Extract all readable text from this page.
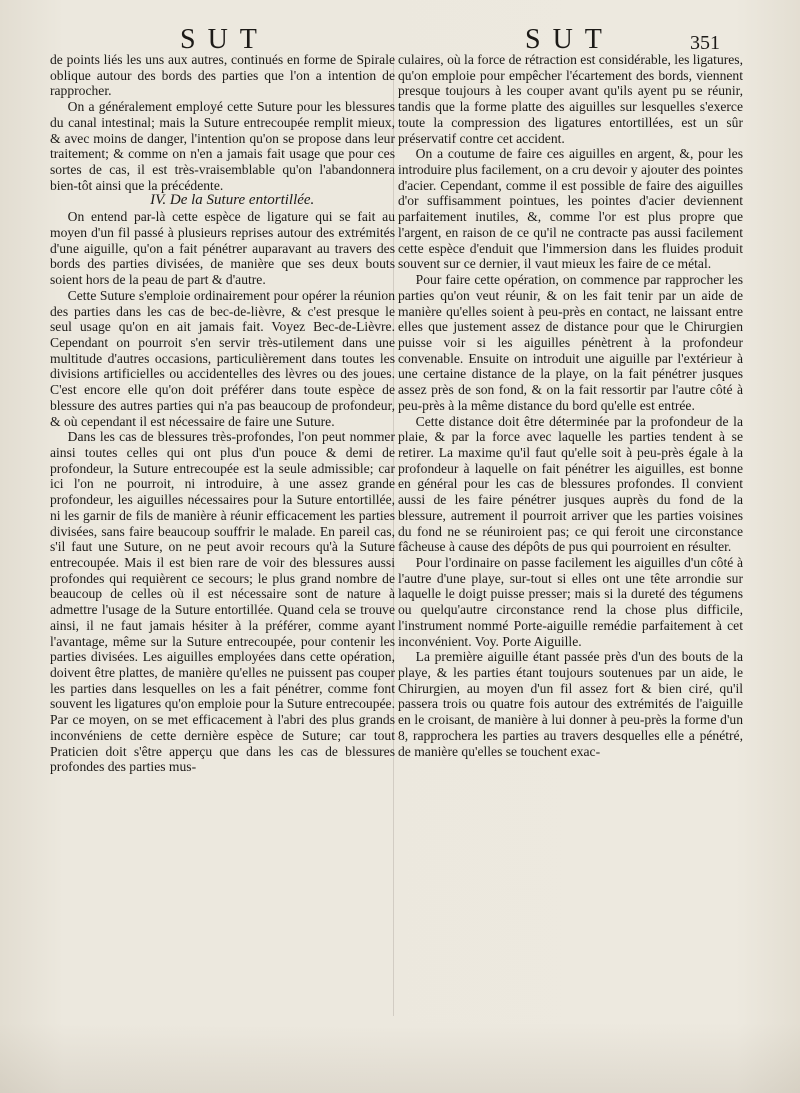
SUT	SUT	351

de points liés les uns aux autres, continués en forme de Spirale oblique autour des bords des parties que l'on a intention de rapprocher.

On a généralement employé cette Suture pour les blessures du canal intestinal; mais la Suture entrecoupée remplit mieux, & avec moins de danger, l'intention qu'on se propose dans leur traitement; & comme on n'en a jamais fait usage que pour ces sortes de cas, il est très-vraisemblable qu'on l'abandonnera bien-tôt ainsi que la précédente.

IV. De la Suture entortillée.

On entend par-là cette espèce de ligature qui se fait au moyen d'un fil passé à plusieurs reprises autour des extrémités d'une aiguille, qu'on a fait pénétrer auparavant au travers des bords des parties divisées, de manière que ses deux bouts soient hors de la peau de part & d'autre.

Cette Suture s'emploie ordinairement pour opérer la réunion des parties dans les cas de bec-de-lièvre, & c'est presque le seul usage qu'on en ait jamais fait. Voyez Bec-de-Lièvre. Cependant on pourroit s'en servir très-utilement dans une multitude d'autres occasions, particulièrement dans toutes les divisions artificielles ou accidentelles des lèvres ou des joues. C'est encore elle qu'on doit préférer dans toute espèce de blessure des autres parties qui n'a pas beaucoup de profondeur, & où cependant il est nécessaire de faire une Suture.

Dans les cas de blessures très-profondes, l'on peut nommer ainsi toutes celles qui ont plus d'un pouce & demi de profondeur, la Suture entrecoupée est la seule admissible; car ici l'on ne pourroit, ni introduire, à une assez grande profondeur, les aiguilles nécessaires pour la Suture entortillée, ni les garnir de fils de manière à réunir efficacement les parties divisées, sans faire beaucoup souffrir le malade. En pareil cas, s'il faut une Suture, on ne peut avoir recours qu'à la Suture entrecoupée. Mais il est bien rare de voir des blessures aussi profondes qui requièrent ce secours; le plus grand nombre de beaucoup de celles où il est nécessaire sont de nature à admettre l'usage de la Suture entortillée. Quand cela se trouve ainsi, il ne faut jamais hésiter à la préférer, comme ayant l'avantage, même sur la Suture entrecoupée, pour contenir les parties divisées. Les aiguilles employées dans cette opération, doivent être plattes, de manière qu'elles ne puissent pas couper les parties dans lesquelles on les a fait pénétrer, comme font souvent les ligatures qu'on emploie pour la Suture entrecoupée. Par ce moyen, on se met efficacement à l'abri des plus grands inconvéniens de cette dernière espèce de Suture; car tout Praticien doit s'être apperçu que dans les cas de blessures profondes des parties mus-

culaires, où la force de rétraction est considérable, les ligatures, qu'on emploie pour empêcher l'écartement des bords, viennent presque toujours à les couper avant qu'ils ayent pu se réunir, tandis que la forme platte des aiguilles sur lesquelles s'exerce toute la compression des ligatures entortillées, est un sûr préservatif contre cet accident.

On a coutume de faire ces aiguilles en argent, &, pour les introduire plus facilement, on a cru devoir y ajouter des pointes d'acier. Cependant, comme il est possible de faire des aiguilles d'or suffisamment pointues, les pointes d'acier deviennent parfaitement inutiles, &, comme l'or est plus propre que l'argent, en raison de ce qu'il ne contracte pas aussi facilement cette espèce d'enduit que l'immersion dans les fluides produit souvent sur ce dernier, il vaut mieux les faire de ce métal.

Pour faire cette opération, on commence par rapprocher les parties qu'on veut réunir, & on les fait tenir par un aide de manière qu'elles soient à peu-près en contact, ne laissant entre elles que justement assez de distance pour que le Chirurgien puisse voir si les aiguilles pénètrent à la profondeur convenable. Ensuite on introduit une aiguille par l'extérieur à une certaine distance de la playe, on la fait pénétrer jusques assez près de son fond, & on la fait ressortir par l'autre côté à peu-près à la même distance du bord qu'elle est entrée.

Cette distance doit être déterminée par la profondeur de la plaie, & par la force avec laquelle les parties tendent à se retirer. La maxime qu'il faut qu'elle soit à peu-près égale à la profondeur à laquelle on fait pénétrer les aiguilles, est bonne en général pour les cas de blessures profondes. Il convient aussi de les faire pénétrer jusques auprès du fond de la blessure, autrement il pourroit arriver que les parties voisines du fond ne se réuniroient pas; ce qui feroit une circonstance fâcheuse à cause des dépôts de pus qui pourroient en résulter.

Pour l'ordinaire on passe facilement les aiguilles d'un côté à l'autre d'une playe, sur-tout si elles ont une tête arrondie sur laquelle le doigt puisse presser; mais si la dureté des tégumens ou quelqu'autre circonstance rend la chose plus difficile, l'instrument nommé Porte-aiguille remédie parfaitement à cet inconvénient. Voy. Porte Aiguille.

La première aiguille étant passée près d'un des bouts de la playe, & les parties étant toujours soutenues par un aide, le Chirurgien, au moyen d'un fil assez fort & bien ciré, qu'il passera trois ou quatre fois autour des extrémités de l'aiguille en le croisant, de manière à lui donner à peu-près la forme d'un 8, rapprochera les parties au travers desquelles elle a pénétré, de manière qu'elles se touchent exac-
